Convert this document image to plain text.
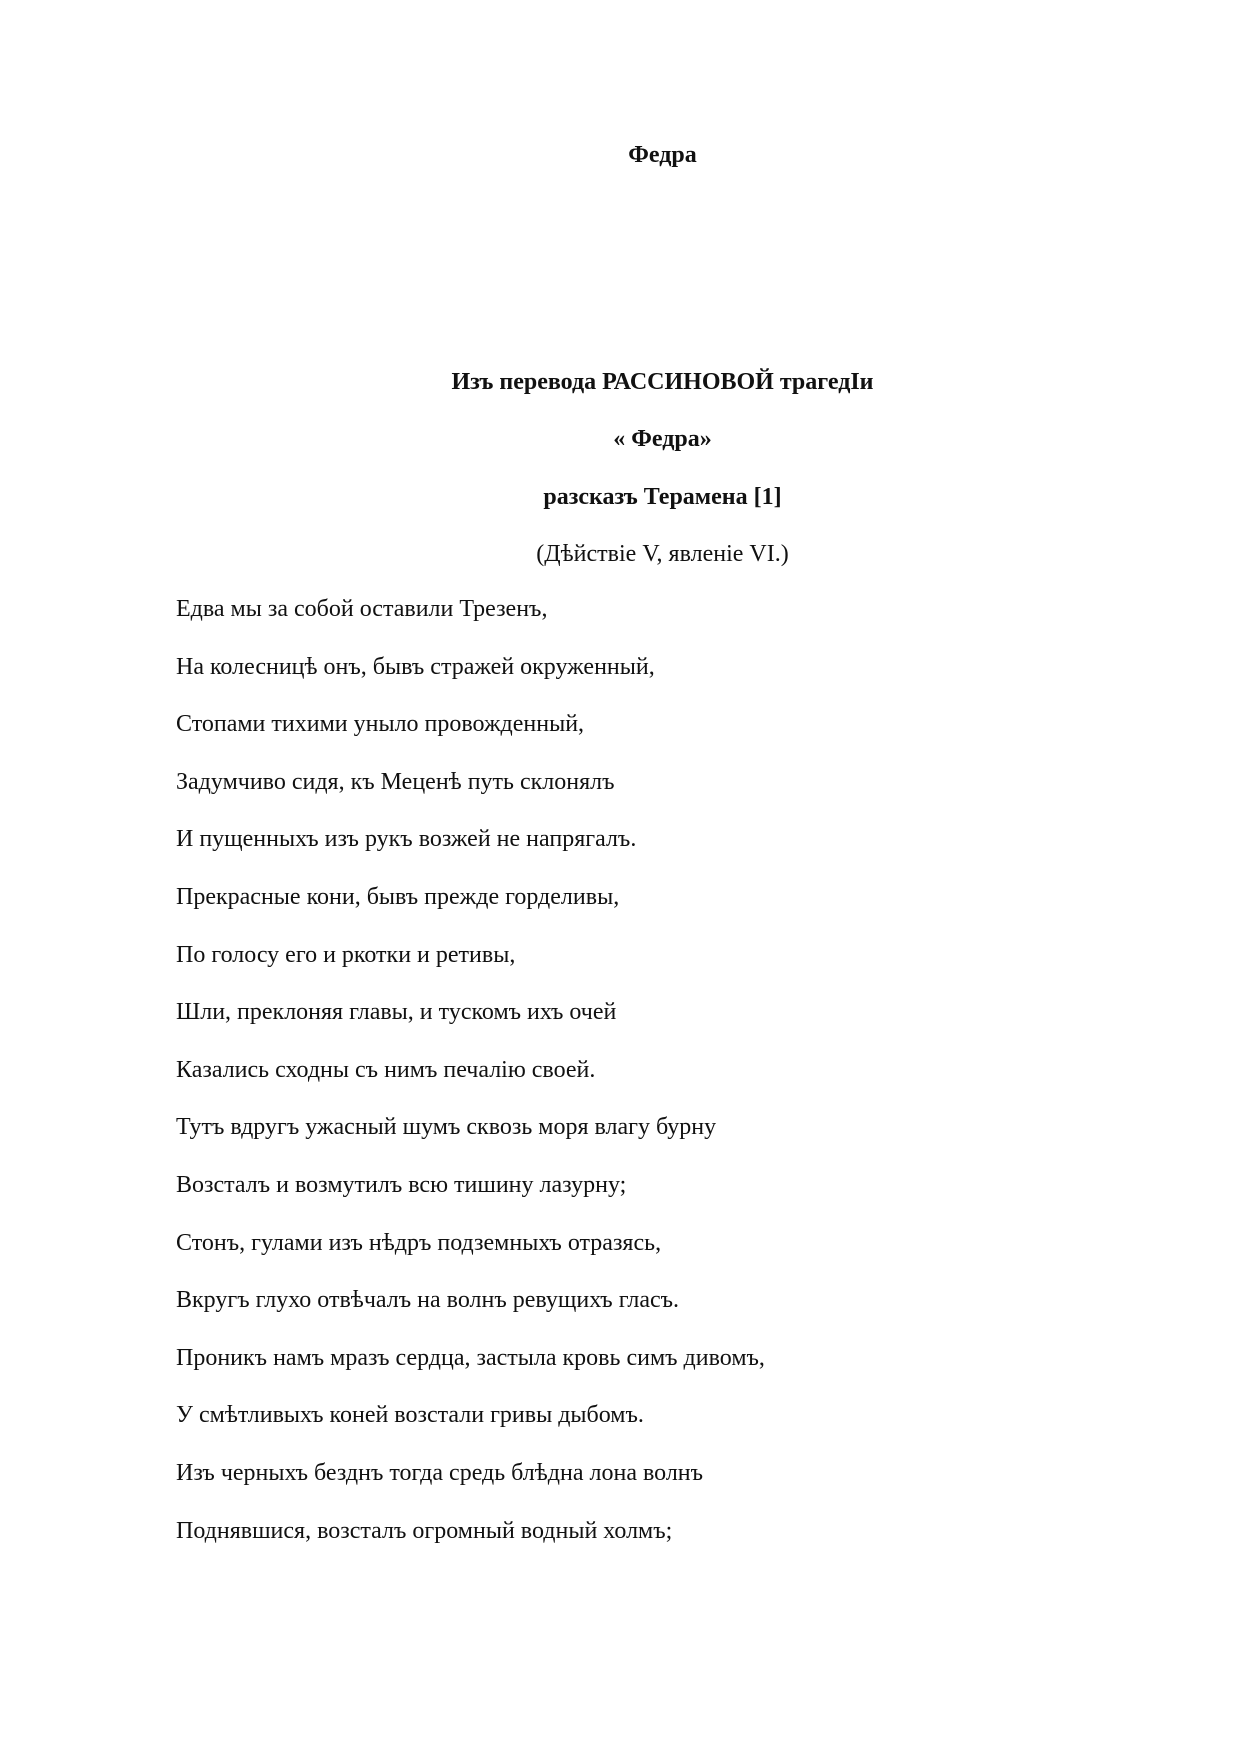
Федра
Изъ перевода РАССИНОВОЙ трагедІи
« Федра»
разсказъ Терамена [1]
(Дѣйствіе V, явленіе VI.)
Едва мы за собой оставили Трезенъ,
На колесницѣ онъ, бывъ стражей окруженный,
Стопами тихими уныло провожденный,
Задумчиво сидя, къ Меценѣ путь склонялъ
И пущенныхъ изъ рукъ возжей не напрягалъ.
Прекрасные кони, бывъ прежде горделивы,
По голосу его и ркотки и ретивы,
Шли, преклоняя главы, и тускомъ ихъ очей
Казались сходны съ нимъ печалію своей.
Тутъ вдругъ ужасный шумъ сквозь моря влагу бурну
Возсталъ и возмутилъ всю тишину лазурну;
Стонъ, гулами изъ нѣдръ подземныхъ отразясь,
Вкругъ глухо отвѣчалъ на волнъ ревущихъ гласъ.
Проникъ намъ мразъ сердца, застыла кровь симъ дивомъ,
У смѣтливыхъ коней возстали гривы дыбомъ.
Изъ черныхъ безднъ тогда средь блѣдна лона волнъ
Поднявшися, возсталъ огромный водный холмъ;
